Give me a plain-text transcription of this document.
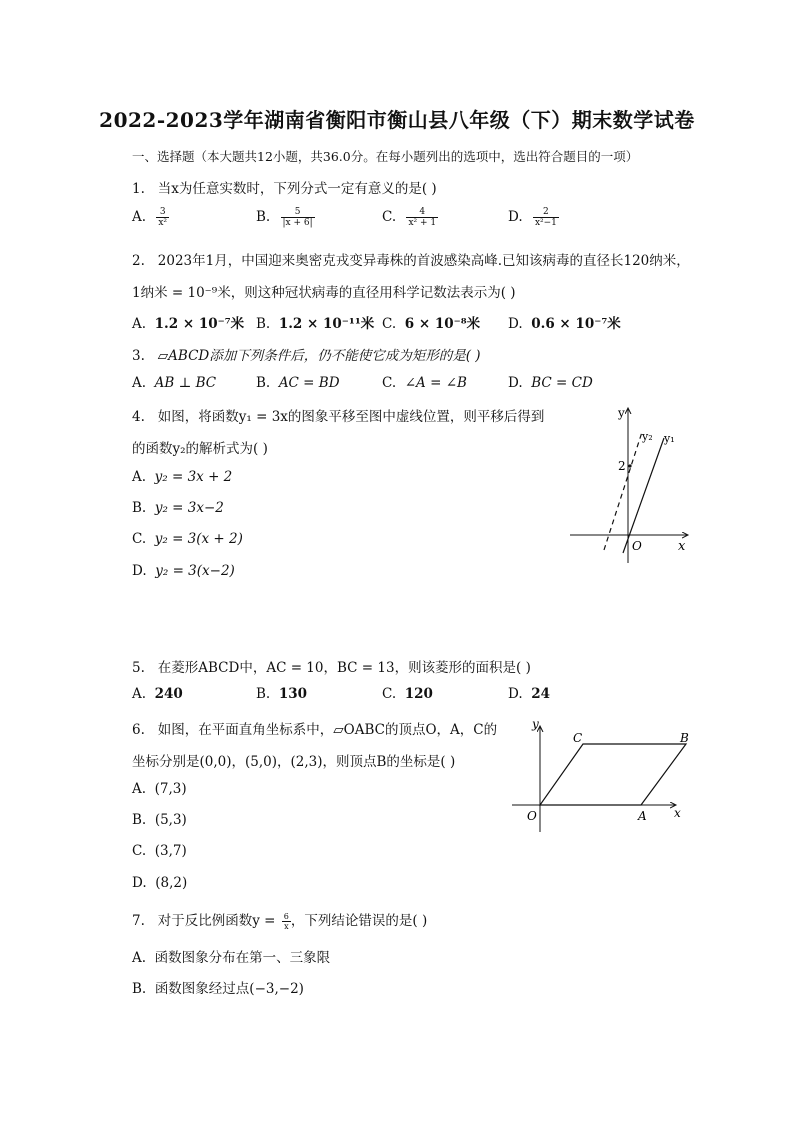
2022-2023学年湖南省衡阳市衡山县八年级（下）期末数学试卷
一、选择题（本大题共12小题，共36.0分。在每小题列出的选项中，选出符合题目的一项）
1. 当x为任意实数时，下列分式一定有意义的是( )
A. $\frac{3}{\text{x²}}$	B. $\frac{5}{|x + 6|}$	C. $\frac{4}{\text{x² + 1}}$	D. $\frac{2}{\text{x²−1}}$
2. 2023年1月，中国迎来奥密克戎变异毒株的首波感染高峰.已知该病毒的直径长120纳米，
1纳米 = 10⁻⁹米，则这种冠状病毒的直径用科学记数法表示为( )
A. 1.2 × 10⁻⁷米 B. 1.2 × 10⁻¹¹米 C. 6 × 10⁻⁸米 D. 0.6 × 10⁻⁷米
3. ▱ABCD添加下列条件后，仍不能使它成为矩形的是( )
A. AB ⊥ BC	B. AC = BD	C. ∠A = ∠B	D. BC = CD
4. 如图，将函数y₁ = 3x的图象平移至图中虚线位置，则平移后得到
的函数y₂的解析式为( )
A. y₂ = 3x + 2
B. y₂ = 3x−2
C. y₂ = 3(x + 2)
D. y₂ = 3(x−2)
y
x
O
2
y₂ y₁
5. 在菱形ABCD中，AC = 10，BC = 13，则该菱形的面积是( )
A. 240	B. 130	C. 120	D. 24
6. 如图，在平面直角坐标系中，▱OABC的顶点O，A，C的
坐标分别是(0,0)，(5,0)，(2,3)，则顶点B的坐标是( )
A. (7,3)
B. (5,3)
C. (3,7)
D. (8,2)
y
x
O	A
B
C
7. 对于反比例函数$y = \frac{6}{x}$ ，下列结论错误的是( )
A. 函数图象分布在第一、三象限
B. 函数图象经过点(−3,−2)
